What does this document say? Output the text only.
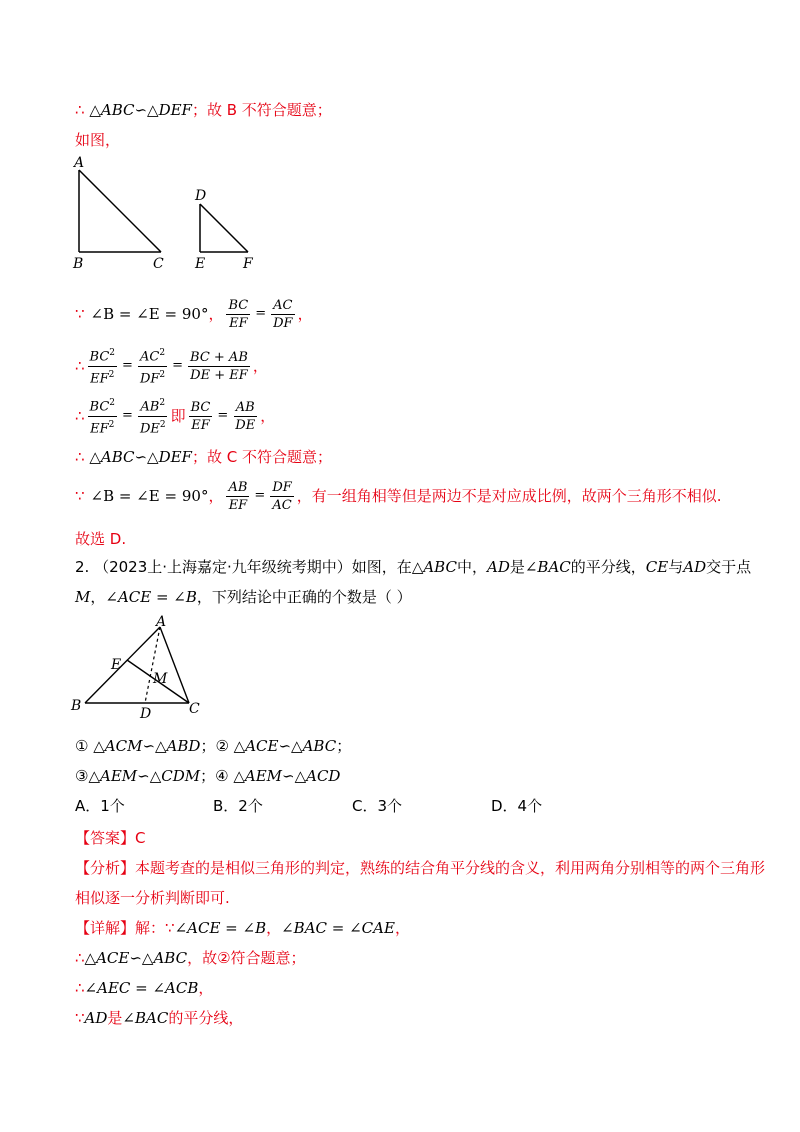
∴ △ABC∽△DEF；故 B 不符合题意；
如图，
A
B	C
D
E	F
∵ ∠B = ∠E = 90° ， $\frac{BC}{EF} = \frac{AC}{DF}$ ，
∴ $\frac{BC^2}{EF^2} = \frac{AC^2}{DF^2} = \frac{BC + AB}{DE + EF}$ ，
∴ $\frac{BC^2}{EF^2} = \frac{AB^2}{DE^2}$ 即 $\frac{BC}{EF} = \frac{AB}{DE}$ ，
∴ △ABC∽△DEF；故 C 不符合题意；
∵ ∠B = ∠E = 90° ， $\frac{AB}{EF} = \frac{DF}{AC}$ ，有一组角相等但是两边不是对应成比例，故两个三角形不相似.
故选 D.
2. （2023上·上海嘉定·九年级统考期中）如图，在△ABC中，AD是∠BAC的平分线，CE与AD交于点
M，∠ACE = ∠B，下列结论中正确的个数是（ ）
A
E
M
B	D	C
① △ACM∽△ABD；② △ACE∽△ABC；
③△AEM∽△CDM；④ △AEM∽△ACD
A．1个	B．2个	C．3个	D．4个
【答案】C
【分析】本题考查的是相似三角形的判定，熟练的结合角平分线的含义，利用两角分别相等的两个三角形
相似逐一分析判断即可.
【详解】解：∵∠ACE = ∠B，∠BAC = ∠CAE，
∴△ACE∽△ABC，故②符合题意；
∴∠AEC = ∠ACB，
∵AD是∠BAC的平分线，
